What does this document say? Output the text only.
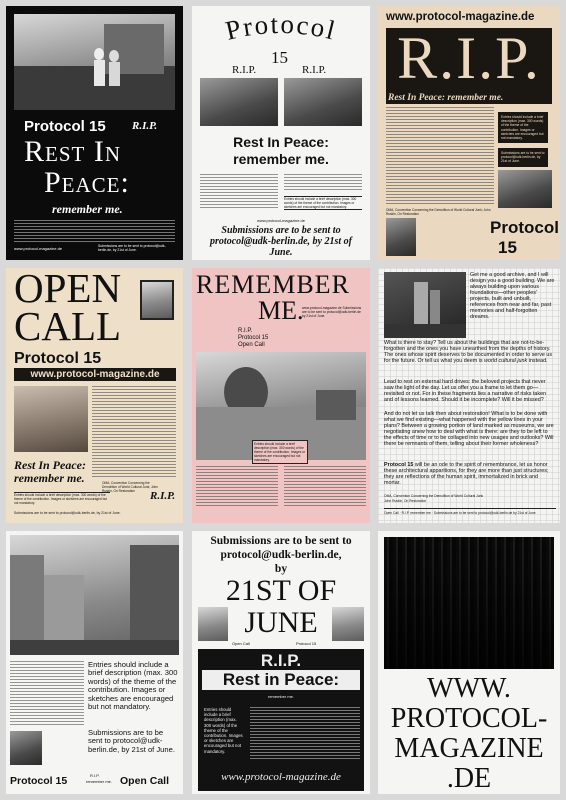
Protocol 15 R.I.P.
Rest In
Peace:
remember me.
www.protocol-magazine.de	Submissions are to be sent to protocol@udk-berlin.de, by 21st of June.
Protocol
15
R.I.P.	R.I.P.
Rest In Peace:
remember me.
Entries should include a brief description (max. 300 words) of the theme of the contribution. Images or sketches are encouraged but not mandatory.
www.protocol-magazine.de
Submissions are to be sent to protocol@udk-berlin.de, by 21st of June.
www.protocol-magazine.de
R.I.P.
Rest In Peace: remember me.
Entries should include a brief description (max. 300 words) of the theme of the contribution. Images or sketches are encouraged but not mandatory.
Submissions are to be sent to protocol@udk-berlin.de, by 21st of June.
OMA, Convention Concerning the Demolition of World Cultural Junk; John Ruskin, On Restoration
Protocol
15
OPEN
CALL
Protocol 15
www.protocol-magazine.de
Rest In Peace:
remember me.	OMA, Convention Concerning the Demolition of World Cultural Junk; John Ruskin, On Restoration	R.I.P.
Entries should include a brief description (max. 300 words) of the theme of the contribution. Images or sketches are encouraged but not mandatory.
Submissions are to be sent to protocol@udk-berlin.de, by 21st of June.
REMEMBER
ME.
R.I.P.
Protocol 15
Open Call
www.protocol-magazine.de Submissions are to be sent to protocol@udk-berlin.de by 21st of June.
Entries should include a brief description (max. 300 words) of the theme of the contribution. Images or sketches are encouraged but not mandatory.
Get me a good archive, and I will design you a good building. We are always building upon various foundations—other peoples' projects, built and unbuilt, references from near and far, past memories and half-forgotten dreams.
What is there to stay? Tell us about the buildings that are not-to-be-forgotten and the ones you have unearthed from the depths of history. The ones whose spirit deserves to be documented in order to serve us for the future. Or tell us what you deem is world cultural junk instead.
Lead to rest on external hard drives: the beloved projects that never saw the light of the day. Let us offer you a frame to let them go—revisited or not. For in these fragments lies a narrative of risks taken and of lessons learned. Should it be incomplete? Will it be missed?
And do not let us talk then about restoration! What is to be done with what we find existing—what happened with the yellow lines in your plans? Between a growing portion of land marked as museums, we are negotiating anew how to deal with what is there: are they to be left to the effects of time or to be collaged into new usages and outlooks? Will there be remnants of them, telling about their former wholeness?
Protocol 15 will be an ode to the spirit of remembrance, let us honor these architectural apparitions, for they are more than just structures; they are reflections of the human spirit, immortalized in brick and mortar.
OMA, Convention Concerning the Demolition of World Cultural Junk
John Ruskin, On Restoration
Open Call · R.I.P. remember me · Submissions are to be sent to protocol@udk-berlin.de by 21st of June
Entries should include a brief description (max. 300 words) of the theme of the contribution. Images or sketches are encouraged but not mandatory.
Submissions are to be sent to protocol@udk-berlin.de, by 21st of June.
Protocol 15	R.I.P.
remember me. Open Call
Submissions are to be sent to
protocol@udk-berlin.de,
by
21ST OF
JUNE
Open Call	Protocol 15
R.I.P.
Rest in Peace:
remember me.
Entries should include a brief description (max. 300 words) of the theme of the contribution. Images or sketches are encouraged but not mandatory.
www.protocol-magazine.de
WWW.
PROTOCOL-
MAGAZINE
.DE
